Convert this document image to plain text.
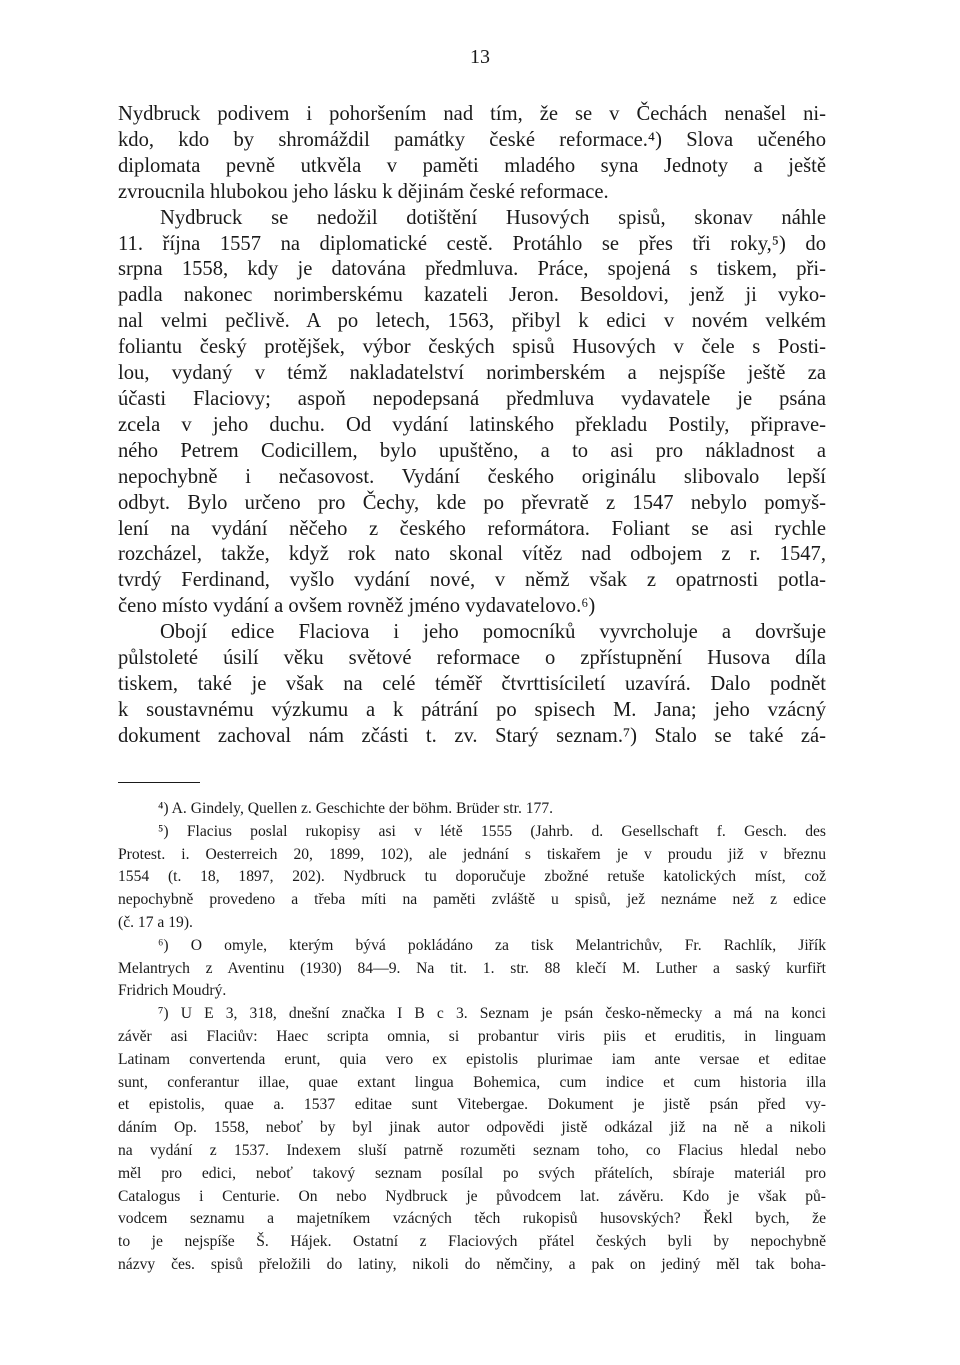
13
Nydbruck podivem i pohoršením nad tím, že se v Čechách nenašel ni-
kdo, kdo by shromáždil památky české reformace.⁴) Slova učeného
diplomata pevně utkvěla v paměti mladého syna Jednoty a ještě
zvroucnila hlubokou jeho lásku k dějinám české reformace.
Nydbruck se nedožil dotištění Husových spisů, skonav náhle
11. října 1557 na diplomatické cestě. Protáhlo se přes tři roky,⁵) do
srpna 1558, kdy je datována předmluva. Práce, spojená s tiskem, při-
padla nakonec norimberskému kazateli Jeron. Besoldovi, jenž ji vyko-
nal velmi pečlivě. A po letech, 1563, přibyl k edici v novém velkém
foliantu český protějšek, výbor českých spisů Husových v čele s Posti-
lou, vydaný v témž nakladatelství norimberském a nejspíše ještě za
účasti Flaciovy; aspoň nepodepsaná předmluva vydavatele je psána
zcela v jeho duchu. Od vydání latinského překladu Postily, připrave-
ného Petrem Codicillem, bylo upuštěno, a to asi pro nákladnost a
nepochybně i nečasovost. Vydání českého originálu slibovalo lepší
odbyt. Bylo určeno pro Čechy, kde po převratě z 1547 nebylo pomyš-
lení na vydání něčeho z českého reformátora. Foliant se asi rychle
rozcházel, takže, když rok nato skonal vítěz nad odbojem z r. 1547,
tvrdý Ferdinand, vyšlo vydání nové, v němž však z opatrnosti potla-
čeno místo vydání a ovšem rovněž jméno vydavatelovo.⁶)
Obojí edice Flaciova i jeho pomocníků vyvrcholuje a dovršuje
půlstoleté úsilí věku světové reformace o zpřístupnění Husova díla
tiskem, také je však na celé téměř čtvrttisíciletí uzavírá. Dalo podnět
k soustavnému výzkumu a k pátrání po spisech M. Jana; jeho vzácný
dokument zachoval nám zčásti t. zv. Starý seznam.⁷) Stalo se také zá-
⁴) A. Gindely, Quellen z. Geschichte der böhm. Brüder str. 177.
⁵) Flacius poslal rukopisy asi v létě 1555 (Jahrb. d. Gesellschaft f. Gesch. des
Protest. i. Oesterreich 20, 1899, 102), ale jednání s tiskařem je v proudu již v březnu
1554 (t. 18, 1897, 202). Nydbruck tu doporučuje zbožné retuše katolických míst, což
nepochybně provedeno a třeba míti na paměti zvláště u spisů, jež neznáme než z edice
(č. 17 a 19).
⁶) O omyle, kterým bývá pokládáno za tisk Melantrichův, Fr. Rachlík, Jiřík
Melantrych z Aventinu (1930) 84—9. Na tit. 1. str. 88 klečí M. Luther a saský kurfiřt
Fridrich Moudrý.
⁷) U E 3, 318, dnešní značka I B c 3. Seznam je psán česko-německy a má na konci
závěr asi Flaciův: Haec scripta omnia, si probantur viris piis et eruditis, in linguam
Latinam convertenda erunt, quia vero ex epistolis plurimae iam ante versae et editae
sunt, conferantur illae, quae extant lingua Bohemica, cum indice et cum historia illa
et epistolis, quae a. 1537 editae sunt Vitebergae. Dokument je jistě psán před vy-
dáním Op. 1558, neboť by byl jinak autor odpovědi jistě odkázal již na ně a nikoli
na vydání z 1537. Indexem sluší patrně rozuměti seznam toho, co Flacius hledal nebo
měl pro edici, neboť takový seznam posílal po svých přátelích, sbíraje materiál pro
Catalogus i Centurie. On nebo Nydbruck je původcem lat. závěru. Kdo je však pů-
vodcem seznamu a majetníkem vzácných těch rukopisů husovských? Řekl bych, že
to je nejspíše Š. Hájek. Ostatní z Flaciových přátel českých byli by nepochybně
názvy čes. spisů přeložili do latiny, nikoli do němčiny, a pak on jediný měl tak boha-
